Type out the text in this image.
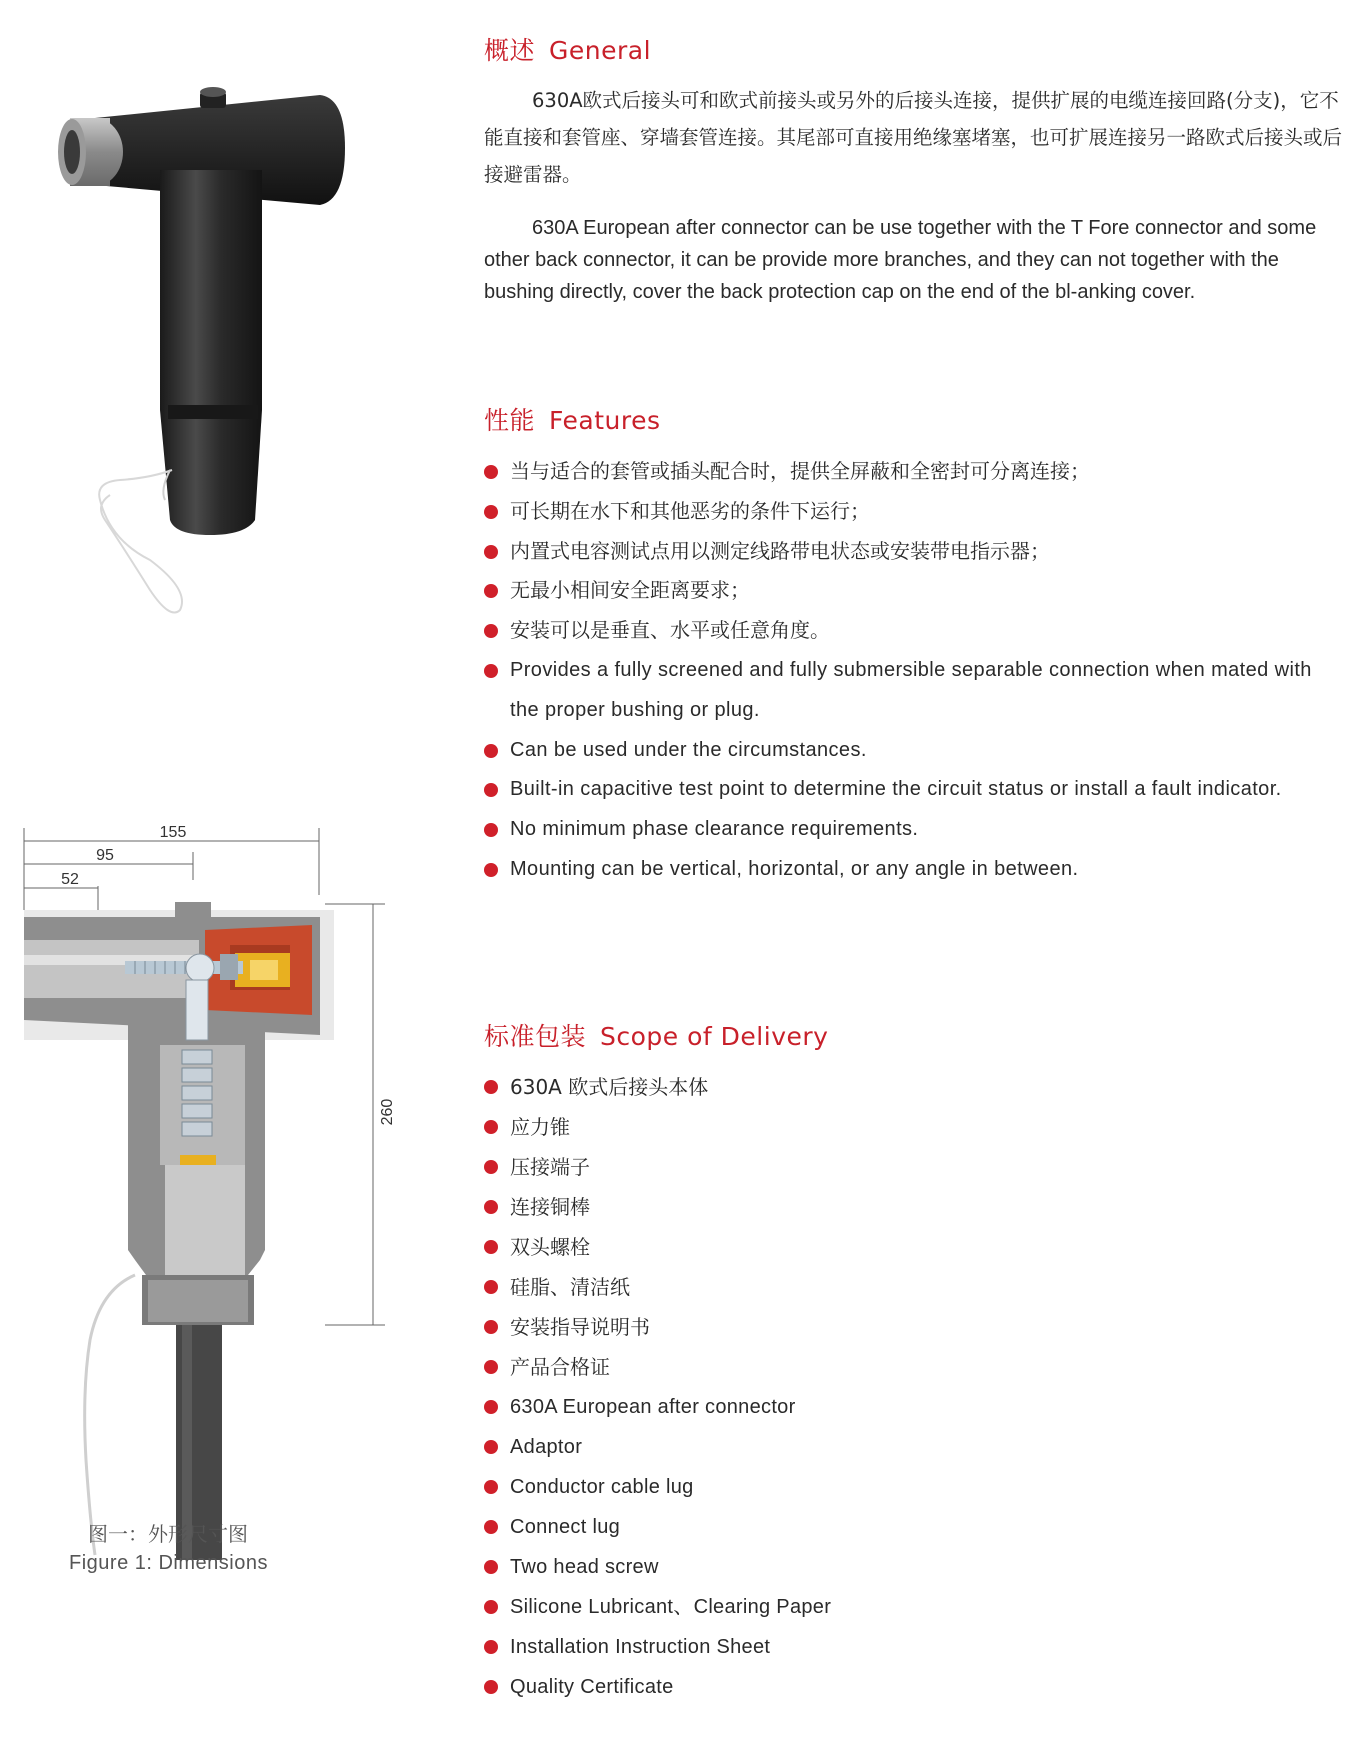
155
95
52
260
图一：外形尺寸图
Figure 1: Dimensions
概述 General

630A欧式后接头可和欧式前接头或另外的后接头连接，提供扩展的电缆连接回路(分支)，它不能直接和套管座、穿墙套管连接。其尾部可直接用绝缘塞堵塞，也可扩展连接另一路欧式后接头或后接避雷器。

630A European after connector can be use together with the T Fore connector and some other back connector, it can be provide more branches, and they can not together with the bushing directly, cover the back protection cap on the end of the bl-anking cover.

性能 Features
当与适合的套管或插头配合时，提供全屏蔽和全密封可分离连接；
可长期在水下和其他恶劣的条件下运行；
内置式电容测试点用以测定线路带电状态或安装带电指示器；
无最小相间安全距离要求；
安装可以是垂直、水平或任意角度。
Provides a fully screened and fully submersible separable connection when mated with the proper bushing or plug.
Can be used under the circumstances.
Built-in capacitive test point to determine the circuit status or install a fault indicator.
No minimum phase clearance requirements.
Mounting can be vertical, horizontal, or any angle in between.
标准包装 Scope of Delivery
630A 欧式后接头本体
应力锥
压接端子
连接铜棒
双头螺栓
硅脂、清洁纸
安装指导说明书
产品合格证
630A European after connector
Adaptor
Conductor cable lug
Connect lug
Two head screw
Silicone Lubricant、Clearing Paper
Installation Instruction Sheet
Quality Certificate
